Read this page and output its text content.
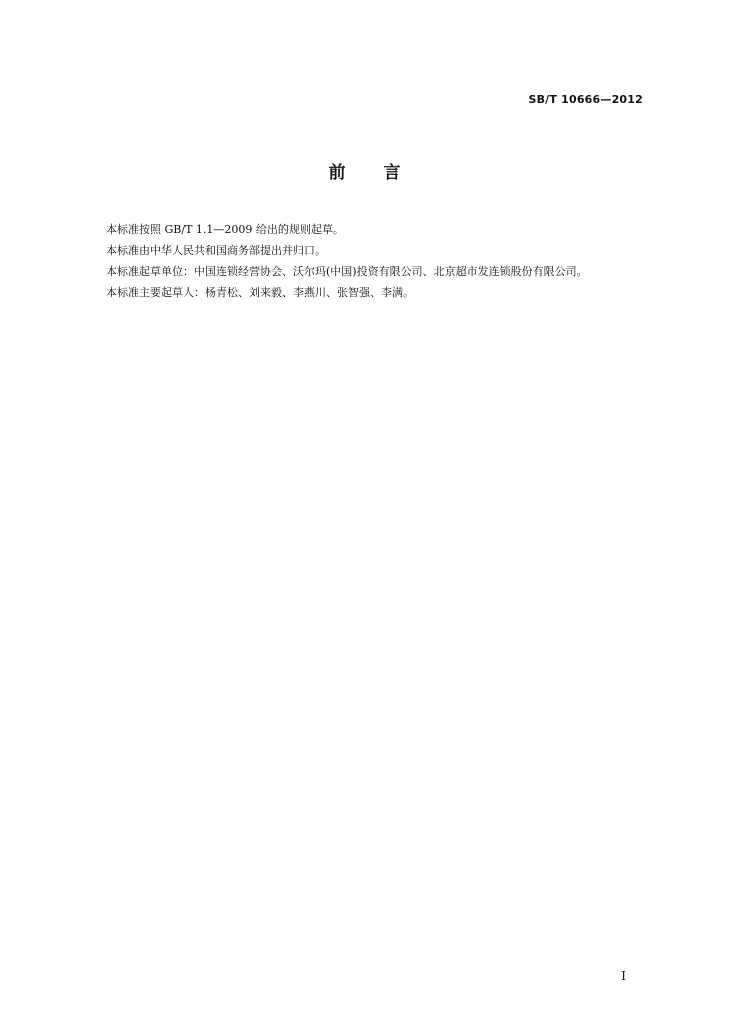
SB/T 10666—2012
前言
本标准按照 GB/T 1.1—2009 给出的规则起草。
本标准由中华人民共和国商务部提出并归口。
本标准起草单位：中国连锁经营协会、沃尔玛(中国)投资有限公司、北京超市发连锁股份有限公司。
本标准主要起草人：杨青松、刘来毅、李燕川、张智强、李满。
I
